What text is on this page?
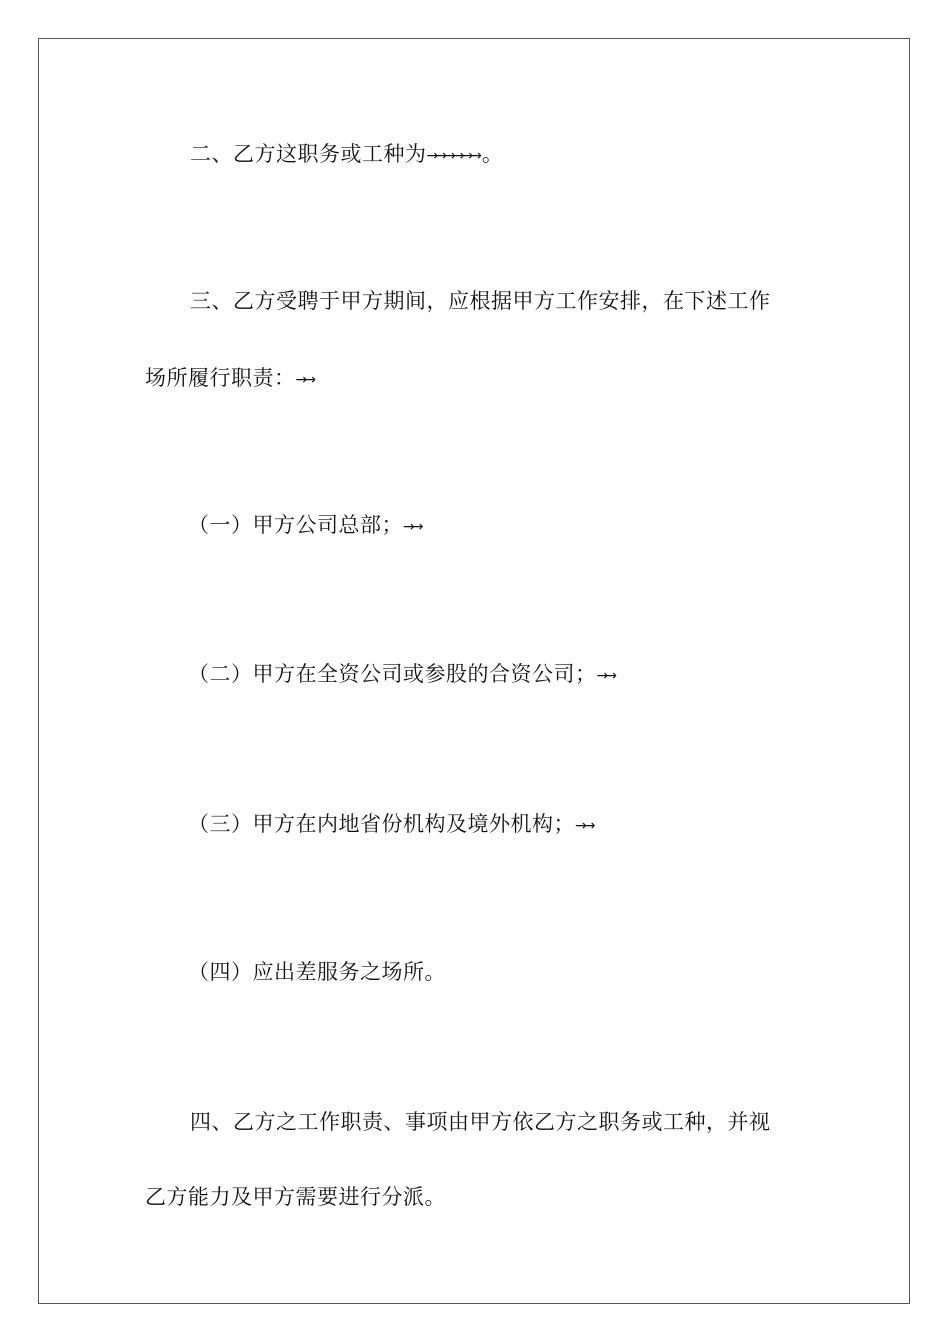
二、乙方这职务或工种为→→→→→→ 。
三、乙方受聘于甲方期间，应根据甲方工作安排，在下述工作
场所履行职责：→→
（一）甲方公司总部；→→
（二）甲方在全资公司或参股的合资公司；→→
（三）甲方在内地省份机构及境外机构；→→
（四）应出差服务之场所。
四、乙方之工作职责、事项由甲方依乙方之职务或工种，并视
乙方能力及甲方需要进行分派。
